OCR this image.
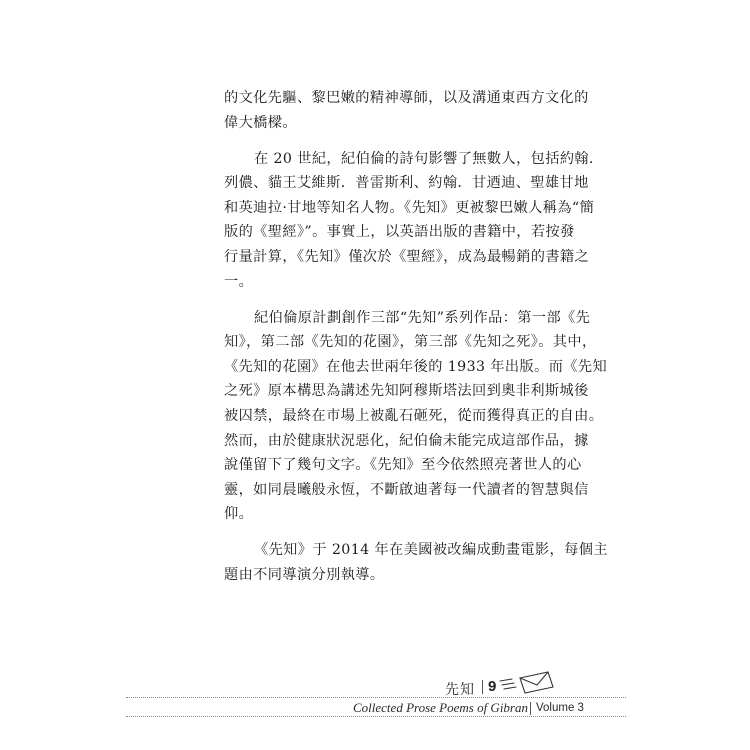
的文化先驅、黎巴嫩的精神導師，以及溝通東西方文化的
偉大橋樑。

在 20 世紀，紀伯倫的詩句影響了無數人，包括約翰．
列儂、貓王艾維斯．普雷斯利、約翰．甘迺迪、聖雄甘地
和英迪拉·甘地等知名人物。《先知》更被黎巴嫩人稱為“簡
版的《聖經》”。事實上，以英語出版的書籍中，若按發
行量計算，《先知》僅次於《聖經》，成為最暢銷的書籍之
一。

紀伯倫原計劃創作三部“先知”系列作品：第一部《先
知》，第二部《先知的花園》，第三部《先知之死》。其中，
《先知的花園》在他去世兩年後的 1933 年出版。而《先知
之死》原本構思為講述先知阿穆斯塔法回到奧非利斯城後
被囚禁，最終在市場上被亂石砸死，從而獲得真正的自由。
然而，由於健康狀況惡化，紀伯倫未能完成這部作品，據
說僅留下了幾句文字。《先知》至今依然照亮著世人的心
靈，如同晨曦般永恆，不斷啟迪著每一代讀者的智慧與信
仰。

《先知》于 2014 年在美國被改編成動畫電影，每個主
題由不同導演分別執導。

先知 9
Collected Prose Poems of Gibran Volume 3
